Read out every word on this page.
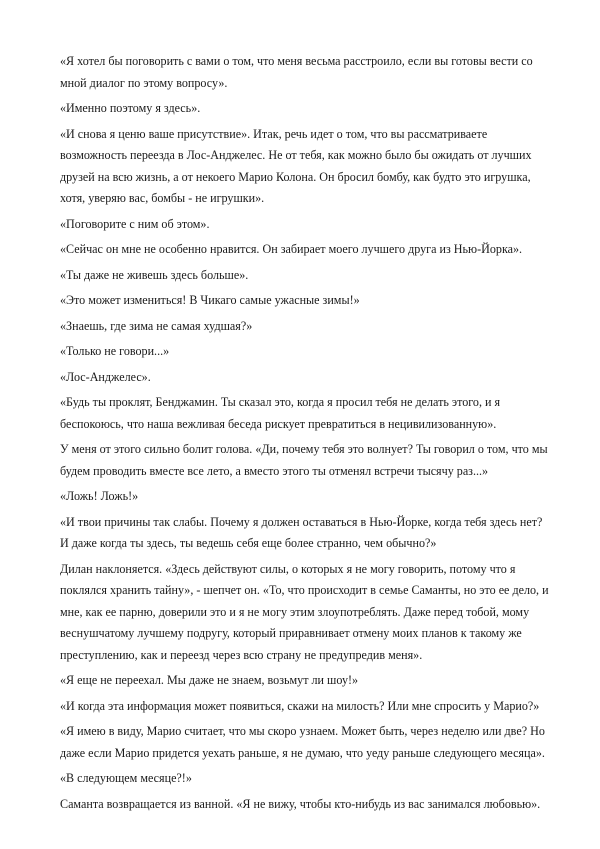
«Я хотел бы поговорить с вами о том, что меня весьма расстроило, если вы готовы вести со мной диалог по этому вопросу».

«Именно поэтому я здесь».

«И снова я ценю ваше присутствие». Итак, речь идет о том, что вы рассматриваете возможность переезда в Лос-Анджелес. Не от тебя, как можно было бы ожидать от лучших друзей на всю жизнь, а от некоего Марио Колона. Он бросил бомбу, как будто это игрушка, хотя, уверяю вас, бомбы - не игрушки».

«Поговорите с ним об этом».

«Сейчас он мне не особенно нравится. Он забирает моего лучшего друга из Нью-Йорка».

«Ты даже не живешь здесь больше».

«Это может измениться! В Чикаго самые ужасные зимы!»

«Знаешь, где зима не самая худшая?»

«Только не говори...»

«Лос-Анджелес».

«Будь ты проклят, Бенджамин. Ты сказал это, когда я просил тебя не делать этого, и я беспокоюсь, что наша вежливая беседа рискует превратиться в нецивилизованную».

У меня от этого сильно болит голова. «Ди, почему тебя это волнует? Ты говорил о том, что мы будем проводить вместе все лето, а вместо этого ты отменял встречи тысячу раз...»

«Ложь! Ложь!»

«И твои причины так слабы. Почему я должен оставаться в Нью-Йорке, когда тебя здесь нет? И даже когда ты здесь, ты ведешь себя еще более странно, чем обычно?»

Дилан наклоняется. «Здесь действуют силы, о которых я не могу говорить, потому что я поклялся хранить тайну», - шепчет он. «То, что происходит в семье Саманты, но это ее дело, и мне, как ее парню, доверили это и я не могу этим злоупотреблять. Даже перед тобой, мому веснушчатому лучшему подругу, который приравнивает отмену моих планов к такому же преступлению, как и переезд через всю страну не предупредив меня».

«Я еще не переехал. Мы даже не знаем, возьмут ли шоу!»

«И когда эта информация может появиться, скажи на милость? Или мне спросить у Марио?»

«Я имею в виду, Марио считает, что мы скоро узнаем. Может быть, через неделю или две? Но даже если Марио придется уехать раньше, я не думаю, что уеду раньше следующего месяца».

«В следующем месяце?!»

Саманта возвращается из ванной. «Я не вижу, чтобы кто-нибудь из вас занимался любовью».
